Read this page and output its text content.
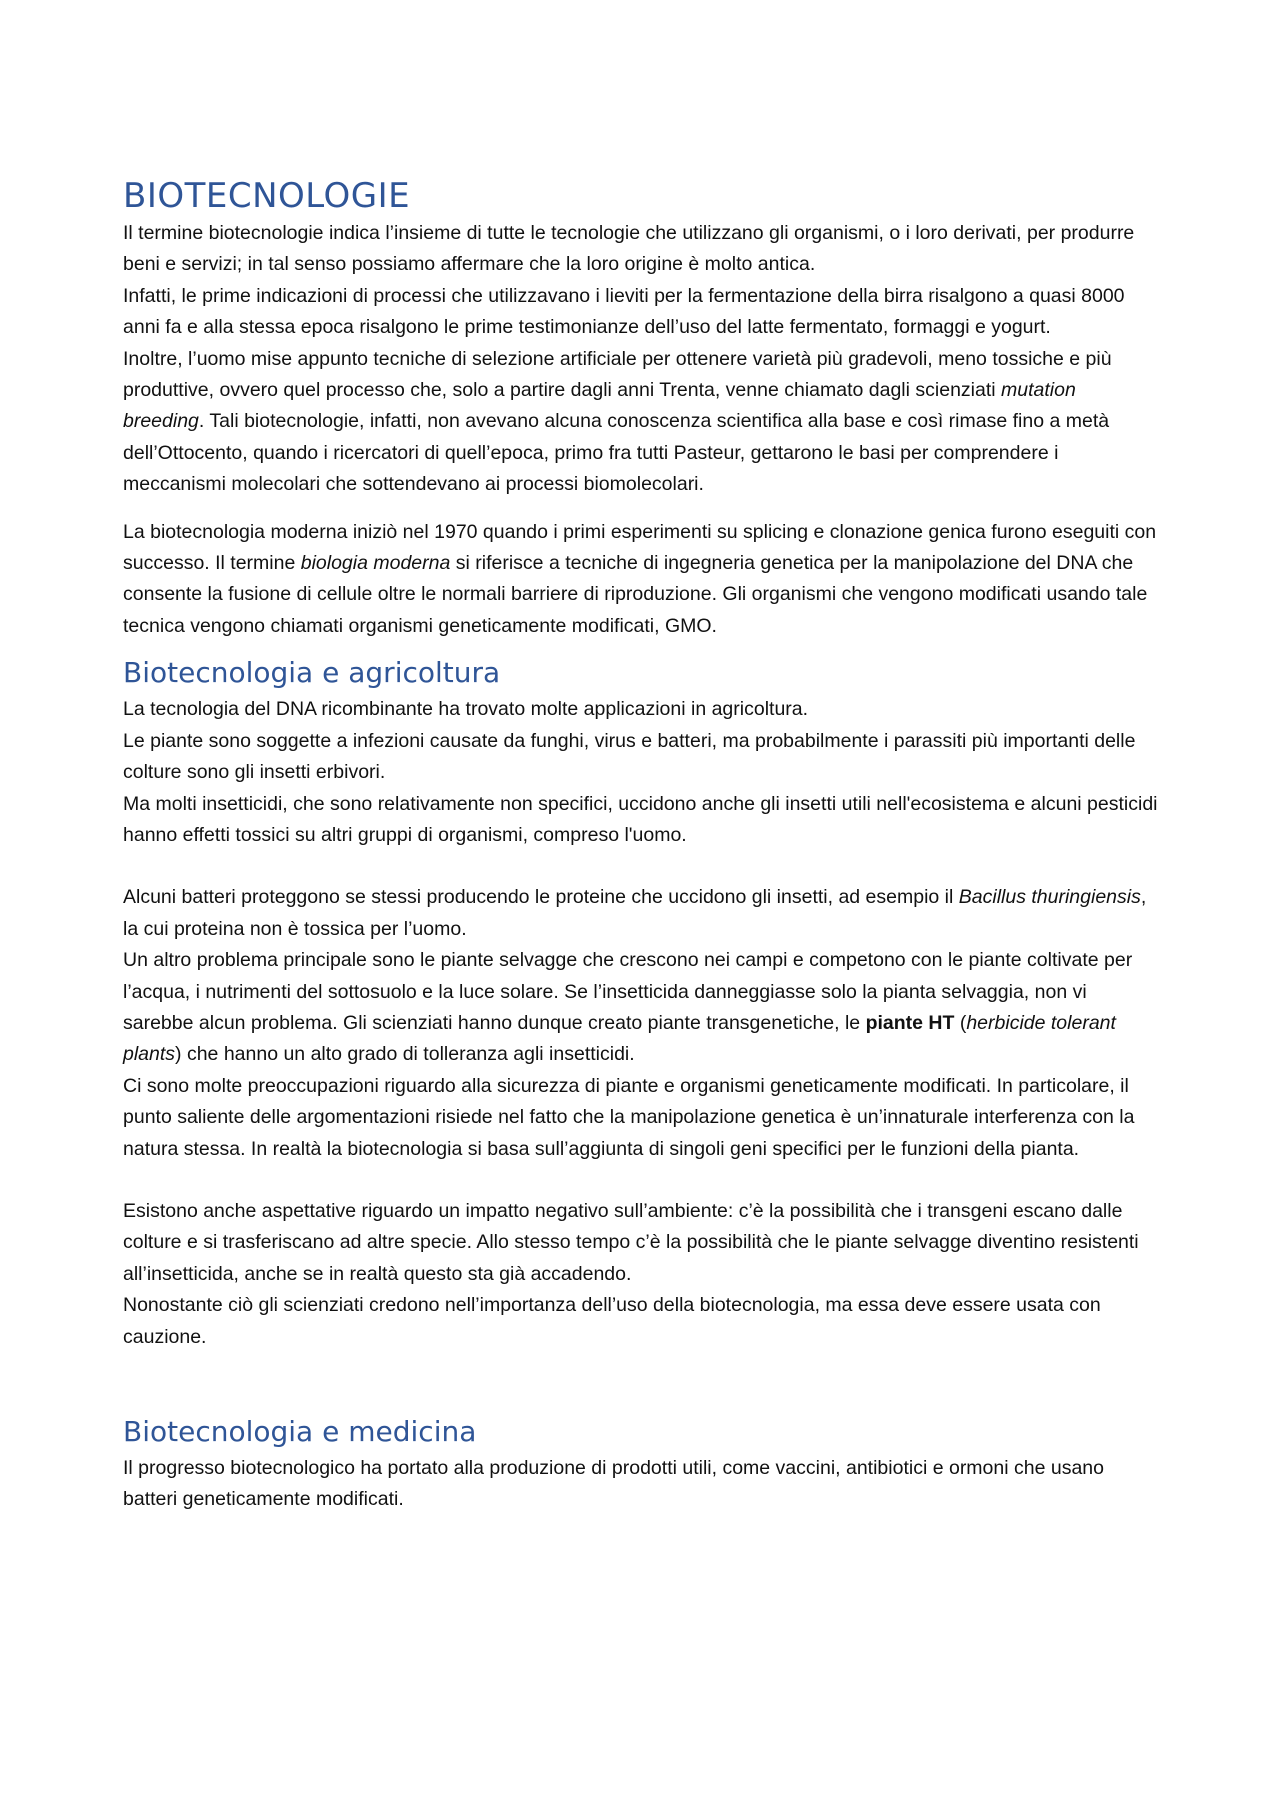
BIOTECNOLOGIE

Il termine biotecnologie indica l’insieme di tutte le tecnologie che utilizzano gli organismi, o i loro derivati, per produrre beni e servizi; in tal senso possiamo affermare che la loro origine è molto antica.

Infatti, le prime indicazioni di processi che utilizzavano i lieviti per la fermentazione della birra risalgono a quasi 8000 anni fa e alla stessa epoca risalgono le prime testimonianze dell’uso del latte fermentato, formaggi e yogurt.

Inoltre, l’uomo mise appunto tecniche di selezione artificiale per ottenere varietà più gradevoli, meno tossiche e più produttive, ovvero quel processo che, solo a partire dagli anni Trenta, venne chiamato dagli scienziati mutation breeding. Tali biotecnologie, infatti, non avevano alcuna conoscenza scientifica alla base e così rimase fino a metà dell’Ottocento, quando i ricercatori di quell’epoca, primo fra tutti Pasteur, gettarono le basi per comprendere i meccanismi molecolari che sottendevano ai processi biomolecolari.

La biotecnologia moderna iniziò nel 1970 quando i primi esperimenti su splicing e clonazione genica furono eseguiti con successo. Il termine biologia moderna si riferisce a tecniche di ingegneria genetica per la manipolazione del DNA che consente la fusione di cellule oltre le normali barriere di riproduzione. Gli organismi che vengono modificati usando tale tecnica vengono chiamati organismi geneticamente modificati, GMO.

Biotecnologia e agricoltura

La tecnologia del DNA ricombinante ha trovato molte applicazioni in agricoltura.

Le piante sono soggette a infezioni causate da funghi, virus e batteri, ma probabilmente i parassiti più importanti delle colture sono gli insetti erbivori.

Ma molti insetticidi, che sono relativamente non specifici, uccidono anche gli insetti utili nell'ecosistema e alcuni pesticidi hanno effetti tossici su altri gruppi di organismi, compreso l'uomo.

Alcuni batteri proteggono se stessi producendo le proteine che uccidono gli insetti, ad esempio il Bacillus thuringiensis, la cui proteina non è tossica per l’uomo.

Un altro problema principale sono le piante selvagge che crescono nei campi e competono con le piante coltivate per l’acqua, i nutrimenti del sottosuolo e la luce solare. Se l’insetticida danneggiasse solo la pianta selvaggia, non vi sarebbe alcun problema. Gli scienziati hanno dunque creato piante transgenetiche, le piante HT (herbicide tolerant plants) che hanno un alto grado di tolleranza agli insetticidi.

Ci sono molte preoccupazioni riguardo alla sicurezza di piante e organismi geneticamente modificati. In particolare, il punto saliente delle argomentazioni risiede nel fatto che la manipolazione genetica è un’innaturale interferenza con la natura stessa. In realtà la biotecnologia si basa sull’aggiunta di singoli geni specifici per le funzioni della pianta.

Esistono anche aspettative riguardo un impatto negativo sull’ambiente: c’è la possibilità che i transgeni escano dalle colture e si trasferiscano ad altre specie. Allo stesso tempo c’è la possibilità che le piante selvagge diventino resistenti all’insetticida, anche se in realtà questo sta già accadendo.

Nonostante ciò gli scienziati credono nell’importanza dell’uso della biotecnologia, ma essa deve essere usata con cauzione.

Biotecnologia e medicina

Il progresso biotecnologico ha portato alla produzione di prodotti utili, come vaccini, antibiotici e ormoni che usano batteri geneticamente modificati.
